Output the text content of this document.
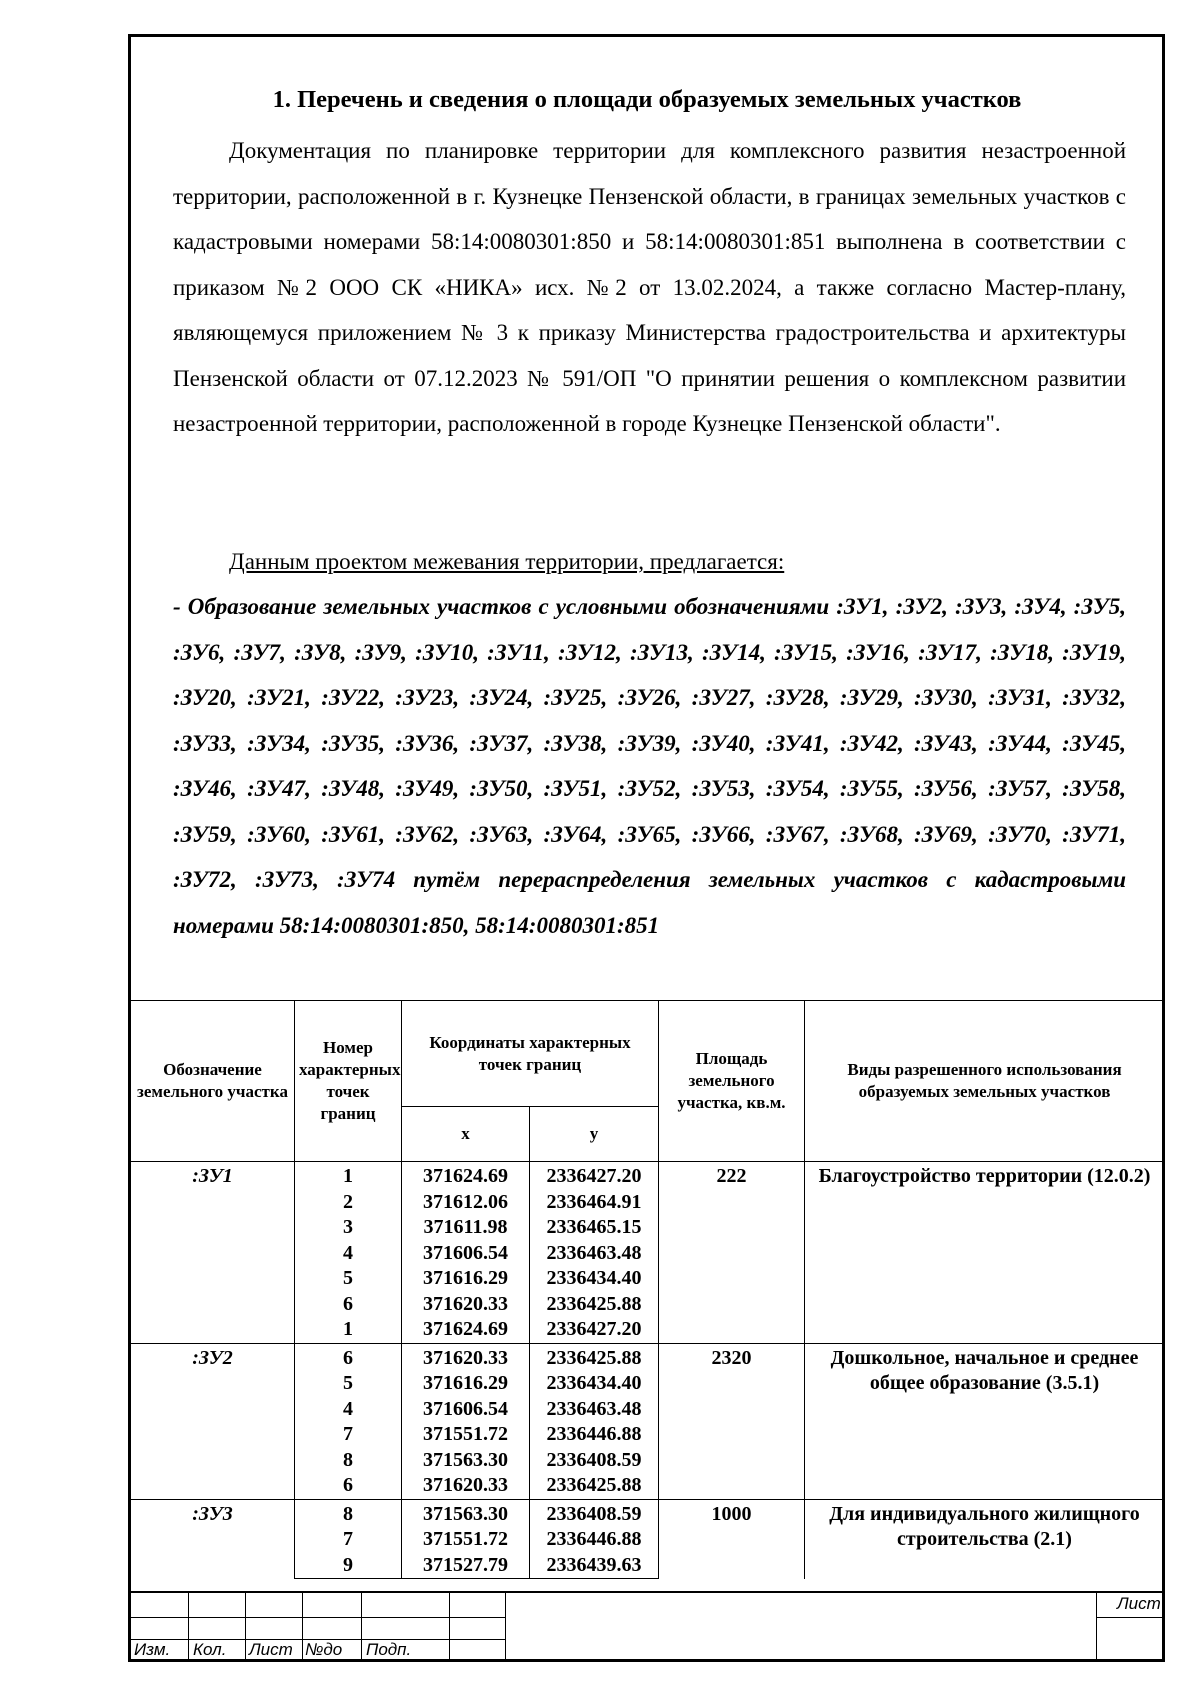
1. Перечень и сведения о площади образуемых земельных участков

Документация по планировке территории для комплексного развития незастроенной территории, расположенной в г. Кузнецке Пензенской области, в границах земельных участков с кадастровыми номерами 58:14:0080301:850 и 58:14:0080301:851 выполнена в соответствии с приказом №2 ООО СК «НИКА» исх. №2 от 13.02.2024, а также согласно Мастер-плану, являющемуся приложением № 3 к приказу Министерства градостроительства и архитектуры Пензенской области от 07.12.2023 № 591/ОП "О принятии решения о комплексном развитии незастроенной территории, расположенной в городе Кузнецке Пензенской области".

Данным проектом межевания территории, предлагается:

- Образование земельных участков с условными обозначениями :ЗУ1, :ЗУ2, :ЗУ3, :ЗУ4, :ЗУ5, :ЗУ6, :ЗУ7, :ЗУ8, :ЗУ9, :ЗУ10, :ЗУ11, :ЗУ12, :ЗУ13, :ЗУ14, :ЗУ15, :ЗУ16, :ЗУ17, :ЗУ18, :ЗУ19, :ЗУ20, :ЗУ21, :ЗУ22, :ЗУ23, :ЗУ24, :ЗУ25, :ЗУ26, :ЗУ27, :ЗУ28, :ЗУ29, :ЗУ30, :ЗУ31, :ЗУ32, :ЗУ33, :ЗУ34, :ЗУ35, :ЗУ36, :ЗУ37, :ЗУ38, :ЗУ39, :ЗУ40, :ЗУ41, :ЗУ42, :ЗУ43, :ЗУ44, :ЗУ45, :ЗУ46, :ЗУ47, :ЗУ48, :ЗУ49, :ЗУ50, :ЗУ51, :ЗУ52, :ЗУ53, :ЗУ54, :ЗУ55, :ЗУ56, :ЗУ57, :ЗУ58, :ЗУ59, :ЗУ60, :ЗУ61, :ЗУ62, :ЗУ63, :ЗУ64, :ЗУ65, :ЗУ66, :ЗУ67, :ЗУ68, :ЗУ69, :ЗУ70, :ЗУ71, :ЗУ72, :ЗУ73, :ЗУ74 путём перераспределения земельных участков с кадастровыми номерами 58:14:0080301:850, 58:14:0080301:851

Обозначение земельного участка	Номер характерных точек границ	Координаты характерных точек границ		Площадь земельного участка, кв.м.	Виды разрешенного использования образуемых земельных участков
		x	y		
:ЗУ1	1	371624.69	2336427.20	222	Благоустройство территории (12.0.2)
	2	371612.06	2336464.91		
	3	371611.98	2336465.15		
	4	371606.54	2336463.48		
	5	371616.29	2336434.40		
	6	371620.33	2336425.88		
	1	371624.69	2336427.20		
:ЗУ2	6	371620.33	2336425.88	2320	Дошкольное, начальное и среднее общее образование (3.5.1)
	5	371616.29	2336434.40		
	4	371606.54	2336463.48		
	7	371551.72	2336446.88		
	8	371563.30	2336408.59		
	6	371620.33	2336425.88		
:ЗУ3	8	371563.30	2336408.59	1000	Для индивидуального жилищного строительства (2.1)
	7	371551.72	2336446.88		
	9	371527.79	2336439.63		
Изм. Кол. Лист №до Подп.
Лист
